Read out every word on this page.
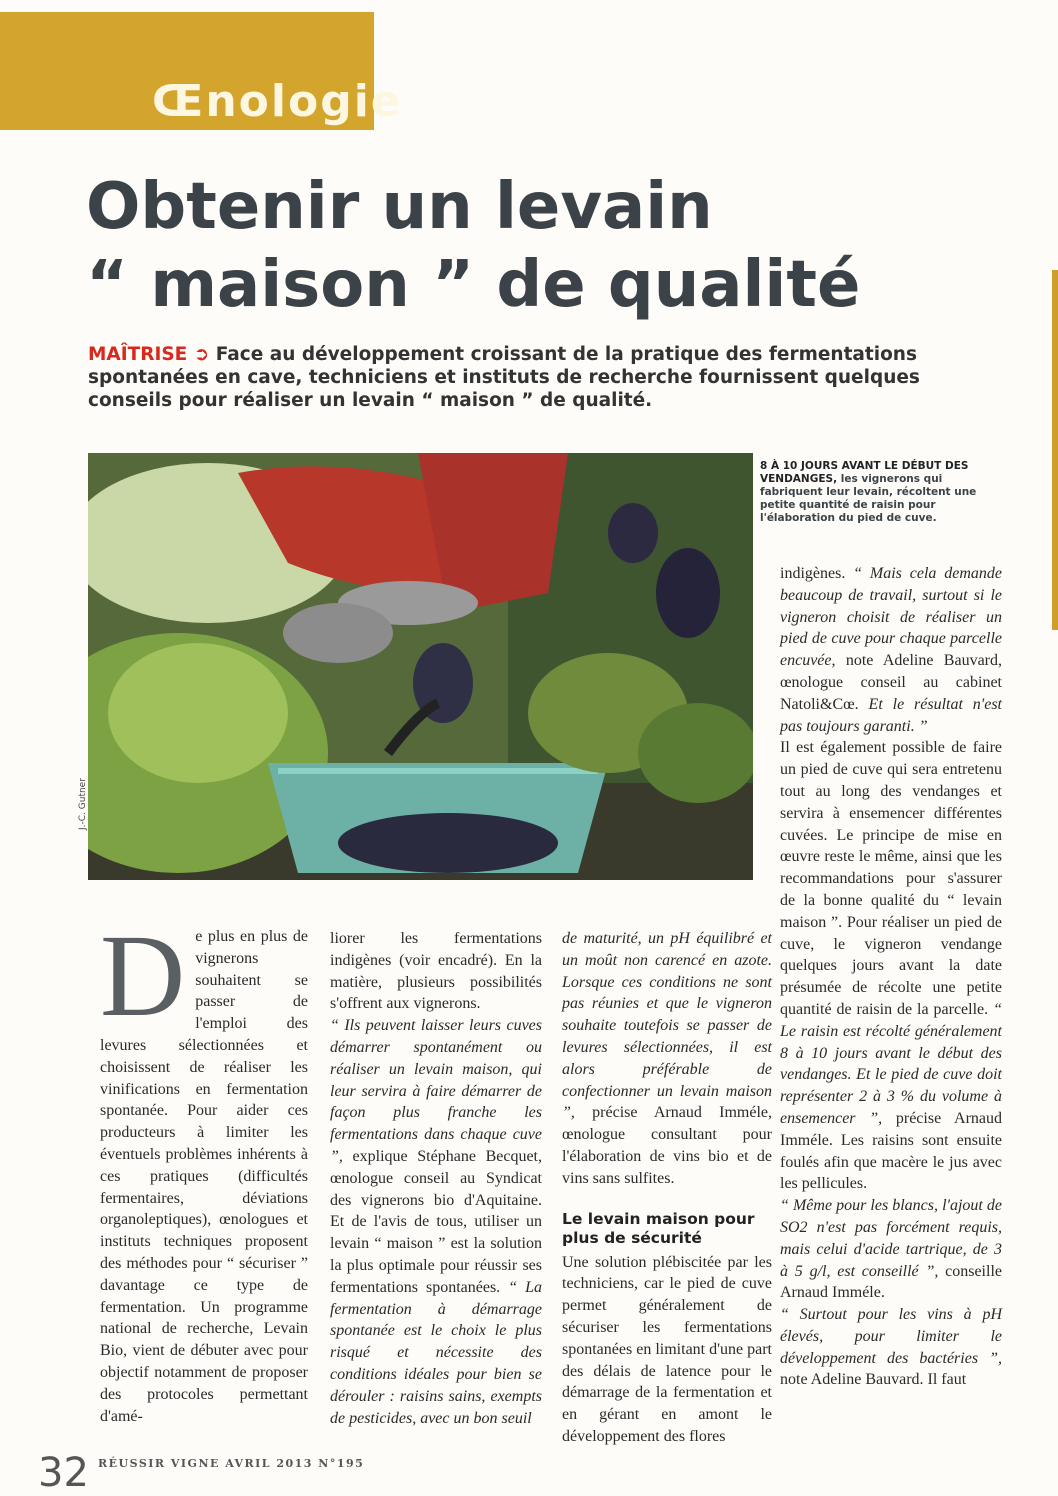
Œnologie
Obtenir un levain
“ maison ” de qualité

MAÎTRISE ➲ Face au développement croissant de la pratique des fermentations spontanées en cave, techniciens et instituts de recherche fournissent quelques conseils pour réaliser un levain “ maison ” de qualité.

J.-C. Gutner

8 À 10 JOURS AVANT LE DÉBUT DES VENDANGES, les vignerons qui fabriquent leur levain, récoltent une petite quantité de raisin pour l'élaboration du pied de cuve.

D e plus en plus de vignerons souhaitent se passer de l'emploi des levures sélectionnées et choisissent de réaliser les vinifications en fermentation spontanée. Pour aider ces producteurs à limiter les éventuels problèmes inhérents à ces pratiques (difficultés fermentaires, déviations organoleptiques), œnologues et instituts techniques proposent des méthodes pour “ sécuriser ” davantage ce type de fermentation. Un programme national de recherche, Levain Bio, vient de débuter avec pour objectif notamment de proposer des protocoles permettant d'amé-

liorer les fermentations indigènes (voir encadré). En la matière, plusieurs possibilités s'offrent aux vignerons.
“ Ils peuvent laisser leurs cuves démarrer spontanément ou réaliser un levain maison, qui leur servira à faire démarrer de façon plus franche les fermentations dans chaque cuve ”, explique Stéphane Becquet, œnologue conseil au Syndicat des vignerons bio d'Aquitaine. Et de l'avis de tous, utiliser un levain “ maison ” est la solution la plus optimale pour réussir ses fermentations spontanées. “ La fermentation à démarrage spontanée est le choix le plus risqué et nécessite des conditions idéales pour bien se dérouler : raisins sains, exempts de pesticides, avec un bon seuil

de maturité, un pH équilibré et un moût non carencé en azote. Lorsque ces conditions ne sont pas réunies et que le vigneron souhaite toutefois se passer de levures sélectionnées, il est alors préférable de confectionner un levain maison ”, précise Arnaud Imméle, œnologue consultant pour l'élaboration de vins bio et de vins sans sulfites.

Le levain maison pour plus de sécurité

Une solution plébiscitée par les techniciens, car le pied de cuve permet généralement de sécuriser les fermentations spontanées en limitant d'une part des délais de latence pour le démarrage de la fermentation et en gérant en amont le développement des flores

indigènes. “ Mais cela demande beaucoup de travail, surtout si le vigneron choisit de réaliser un pied de cuve pour chaque parcelle encuvée, note Adeline Bauvard, œnologue conseil au cabinet Natoli&Cœ. Et le résultat n'est pas toujours garanti. ”

Il est également possible de faire un pied de cuve qui sera entretenu tout au long des vendanges et servira à ensemencer différentes cuvées. Le principe de mise en œuvre reste le même, ainsi que les recommandations pour s'assurer de la bonne qualité du “ levain maison ”. Pour réaliser un pied de cuve, le vigneron vendange quelques jours avant la date présumée de récolte une petite quantité de raisin de la parcelle. “ Le raisin est récolté généralement 8 à 10 jours avant le début des vendanges. Et le pied de cuve doit représenter 2 à 3 % du volume à ensemencer ”, précise Arnaud Imméle. Les raisins sont ensuite foulés afin que macère le jus avec les pellicules.
“ Même pour les blancs, l'ajout de SO2 n'est pas forcément requis, mais celui d'acide tartrique, de 3 à 5 g/l, est conseillé ”, conseille Arnaud Imméle.
“ Surtout pour les vins à pH élevés, pour limiter le développement des bactéries ”, note Adeline Bauvard. Il faut

32 RÉUSSIR VIGNE AVRIL 2013 N°195
